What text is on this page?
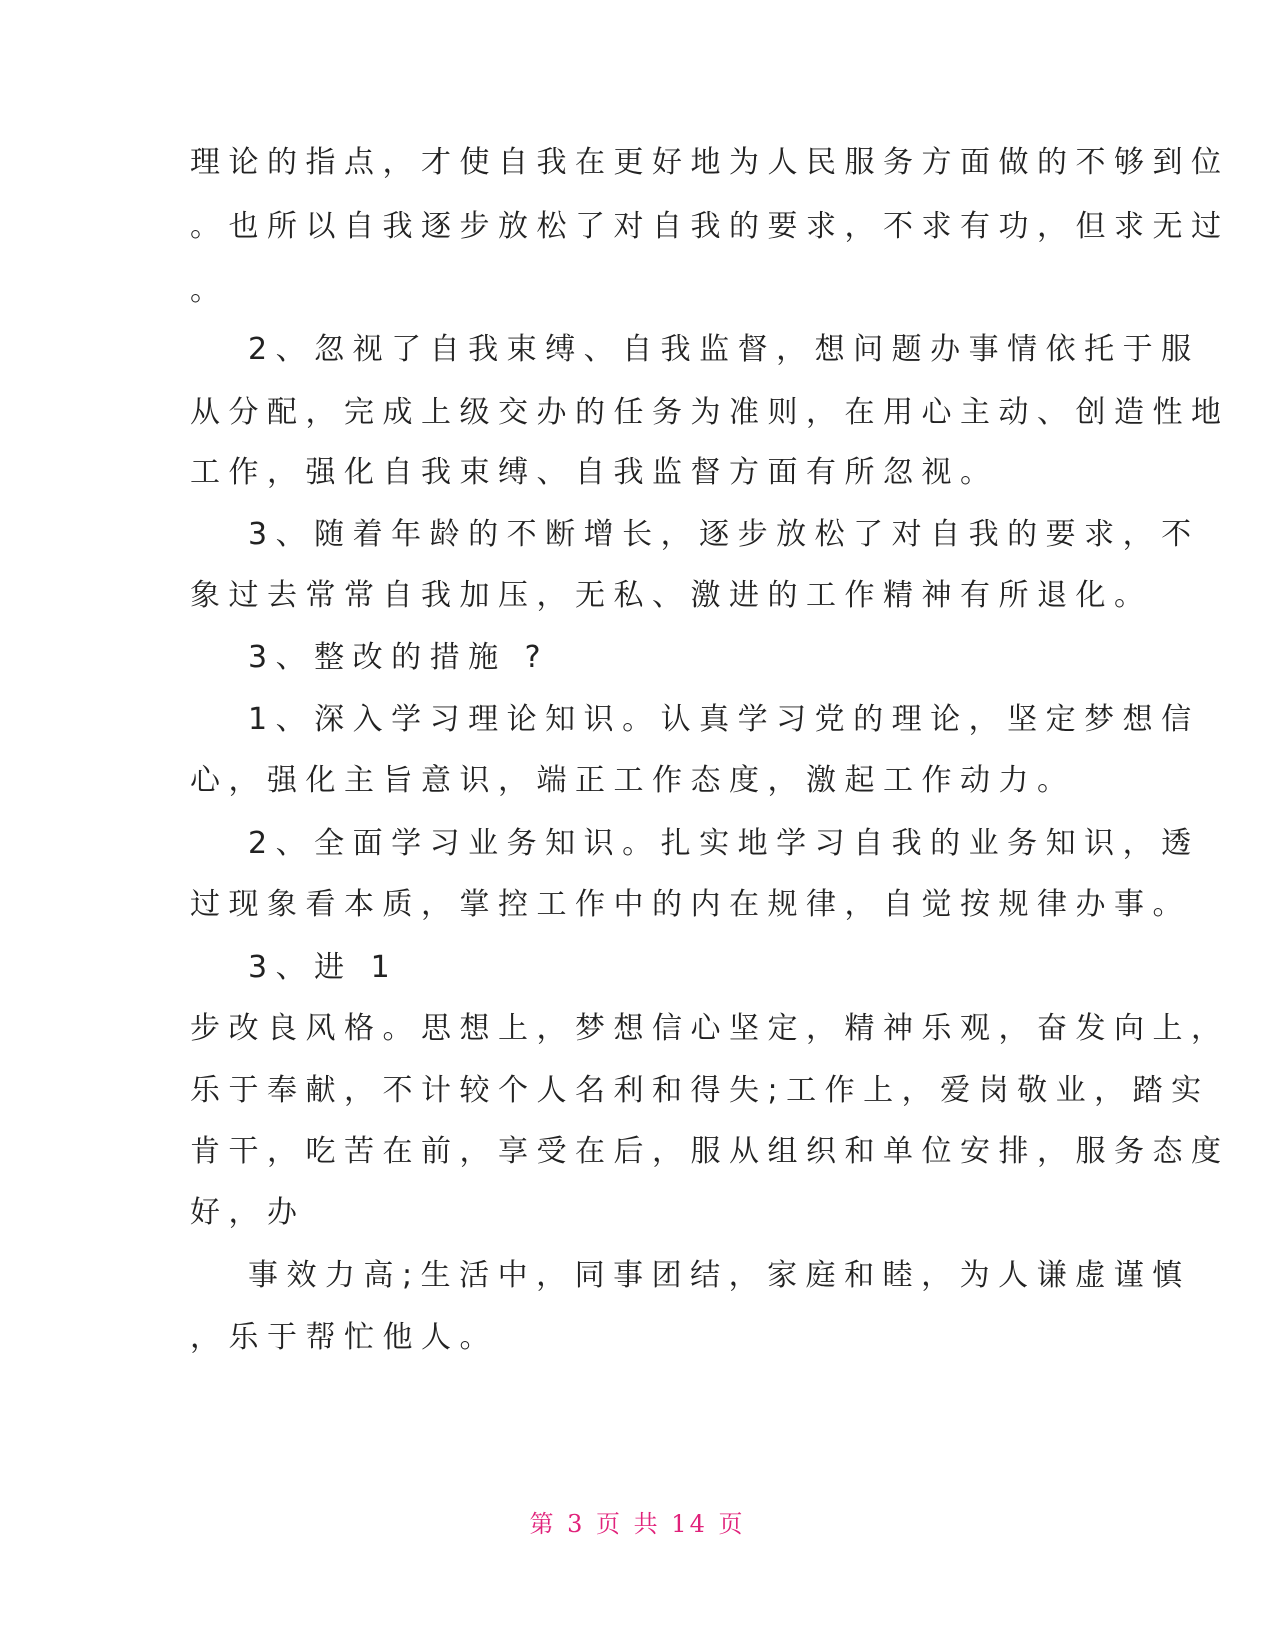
理论的指点，才使自我在更好地为人民服务方面做的不够到位
。也所以自我逐步放松了对自我的要求，不求有功，但求无过
。
2、忽视了自我束缚、自我监督，想问题办事情依托于服
从分配，完成上级交办的任务为准则，在用心主动、创造性地
工作，强化自我束缚、自我监督方面有所忽视。
3、随着年龄的不断增长，逐步放松了对自我的要求，不
象过去常常自我加压，无私、激进的工作精神有所退化。
3、整改的措施 ?
1、深入学习理论知识。认真学习党的理论，坚定梦想信
心，强化主旨意识，端正工作态度，激起工作动力。
2、全面学习业务知识。扎实地学习自我的业务知识，透
过现象看本质，掌控工作中的内在规律，自觉按规律办事。
3、进 1
步改良风格。思想上，梦想信心坚定，精神乐观，奋发向上，
乐于奉献，不计较个人名利和得失;工作上，爱岗敬业，踏实
肯干，吃苦在前，享受在后，服从组织和单位安排，服务态度
好，办
事效力高;生活中，同事团结，家庭和睦，为人谦虚谨慎
，乐于帮忙他人。
第 3 页 共 14 页
